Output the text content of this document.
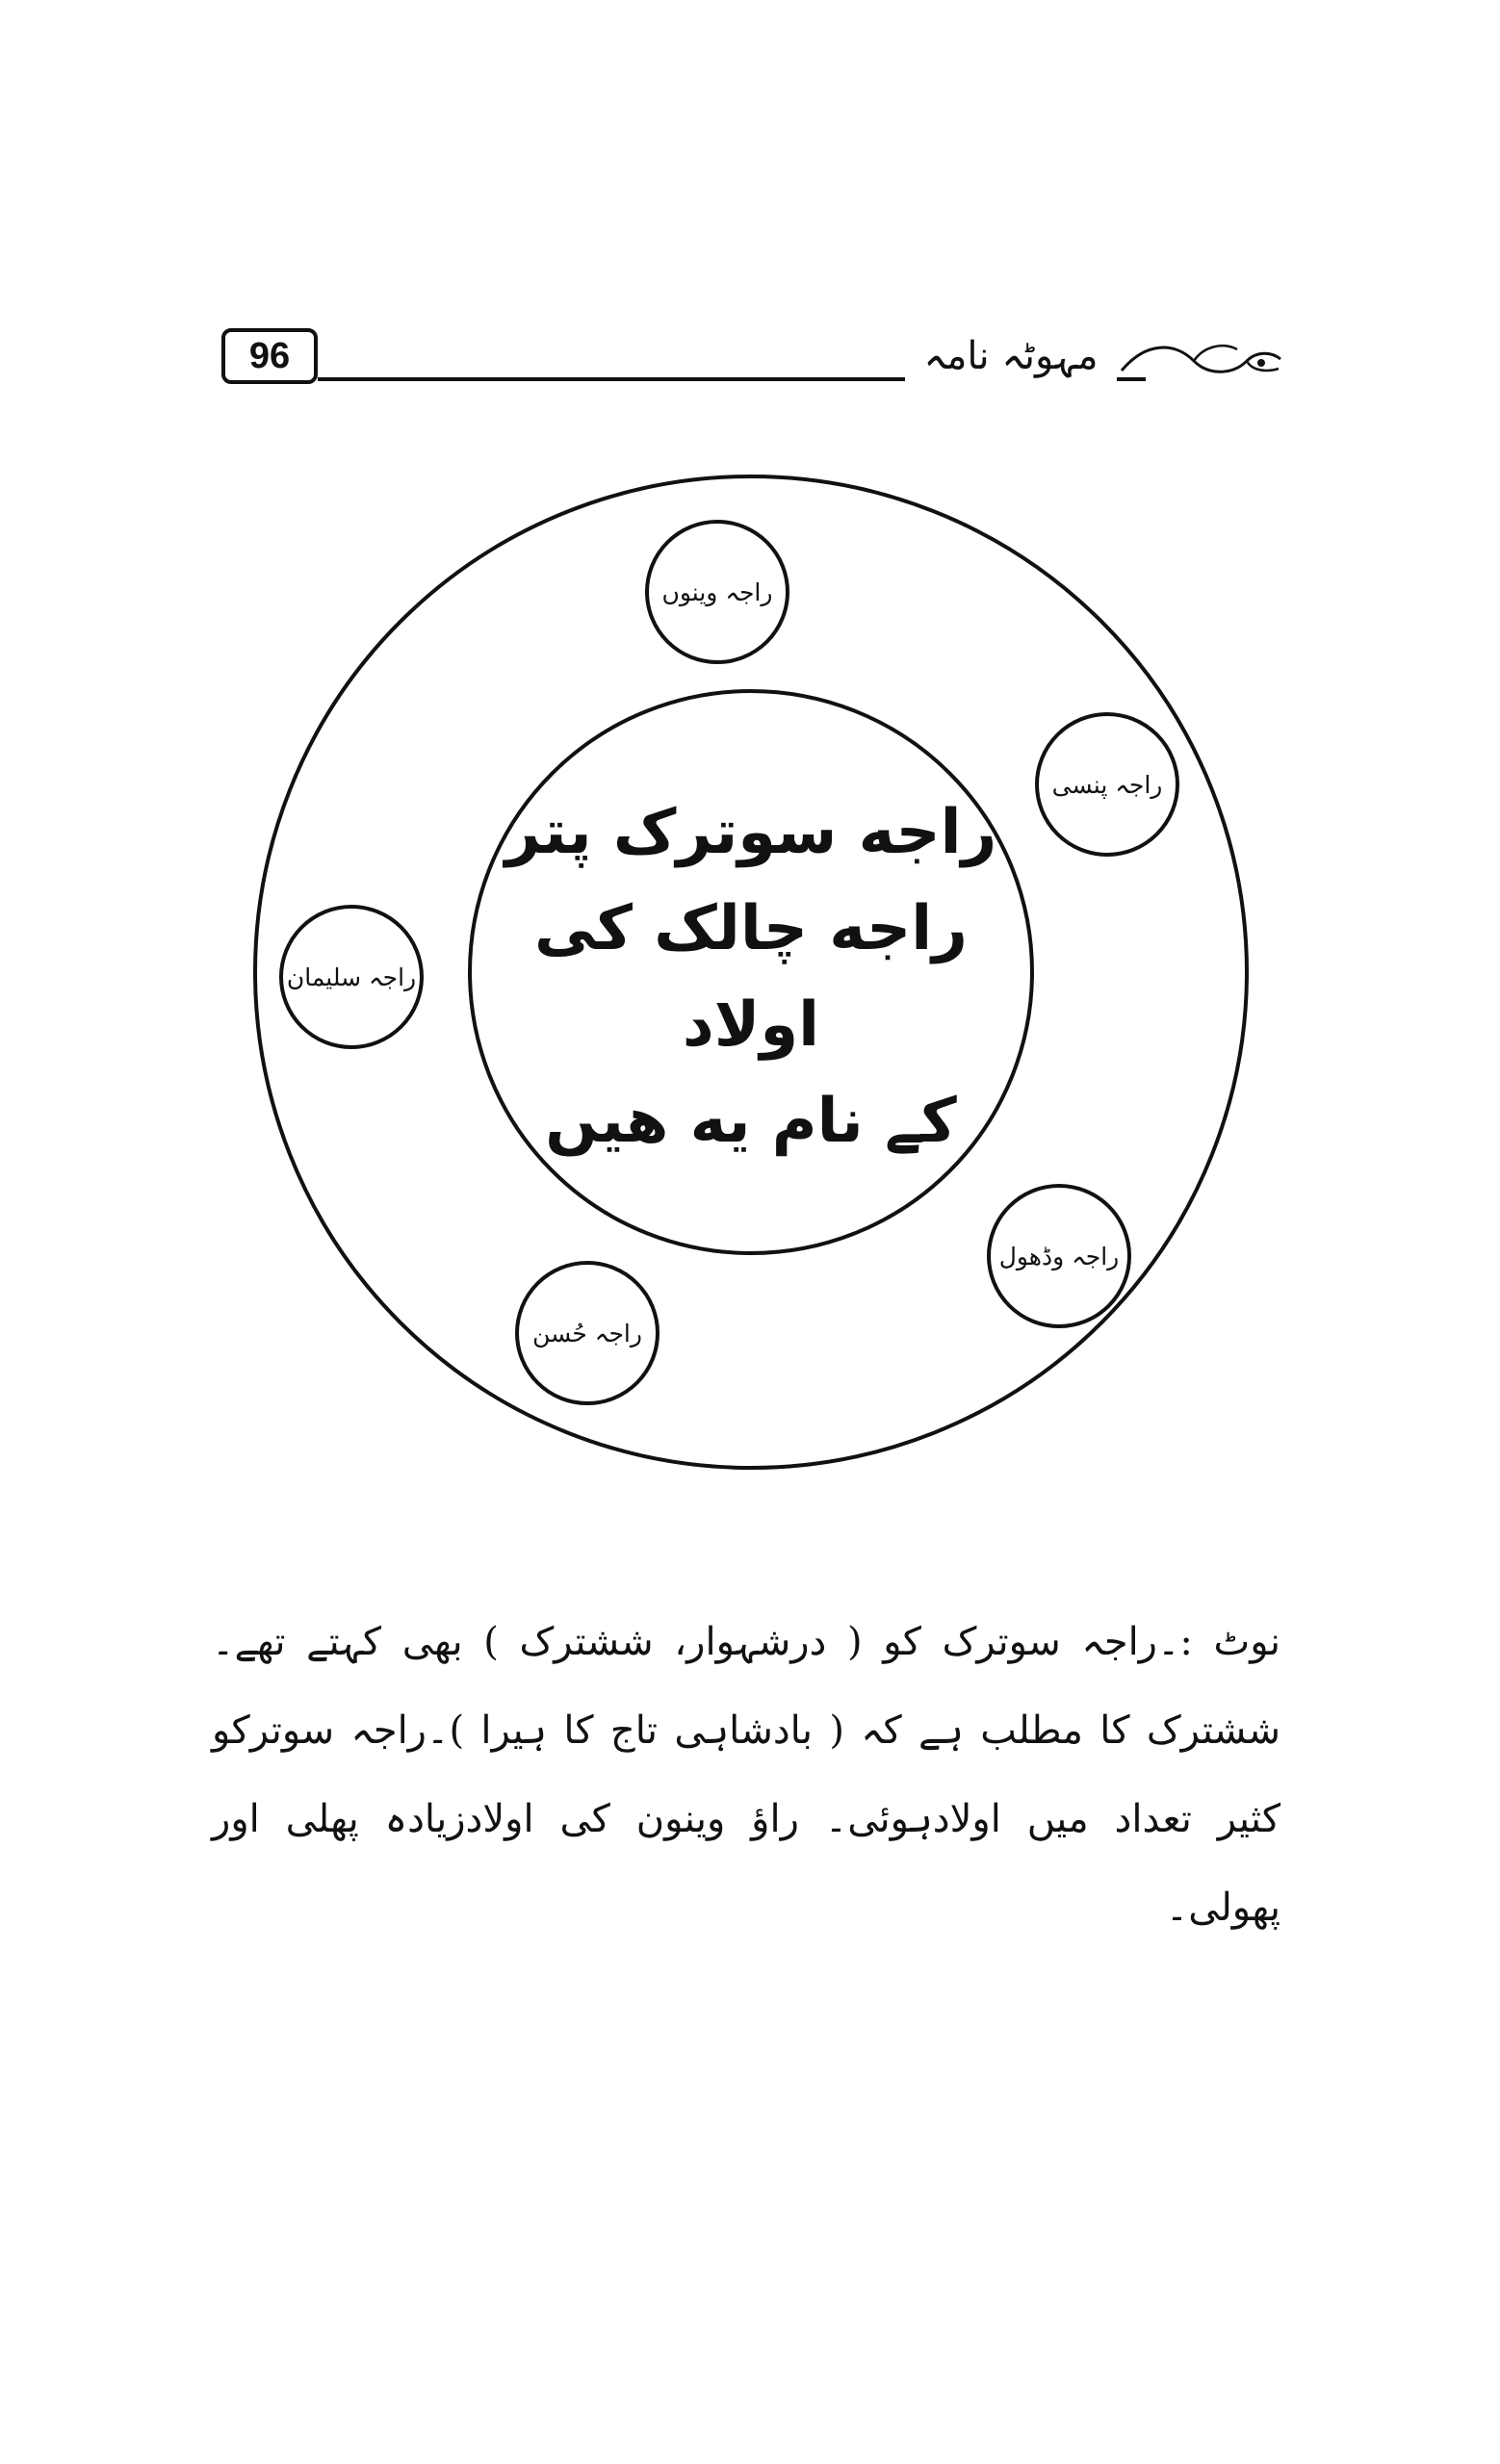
96	مہوٹہ نامہ
راجه سوترک پتر
راجه چالک کی اولاد
کے نام یه هیں
راجہ وینوں
راجہ پنسی
راجہ سلیمان
راجہ وڈھول
راجہ حُسن
نوٹ :۔راجہ سوترک کو ( درشہوار، ششترک ) بھی کہتے تھے۔ششترک کا مطلب ہے کہ ( بادشاہی تاج کا ہیرا )۔راجہ سوترکو کثیر تعداد میں اولادہوئی۔ راؤ وینون کی اولادزیادہ پھلی اور پھولی۔
